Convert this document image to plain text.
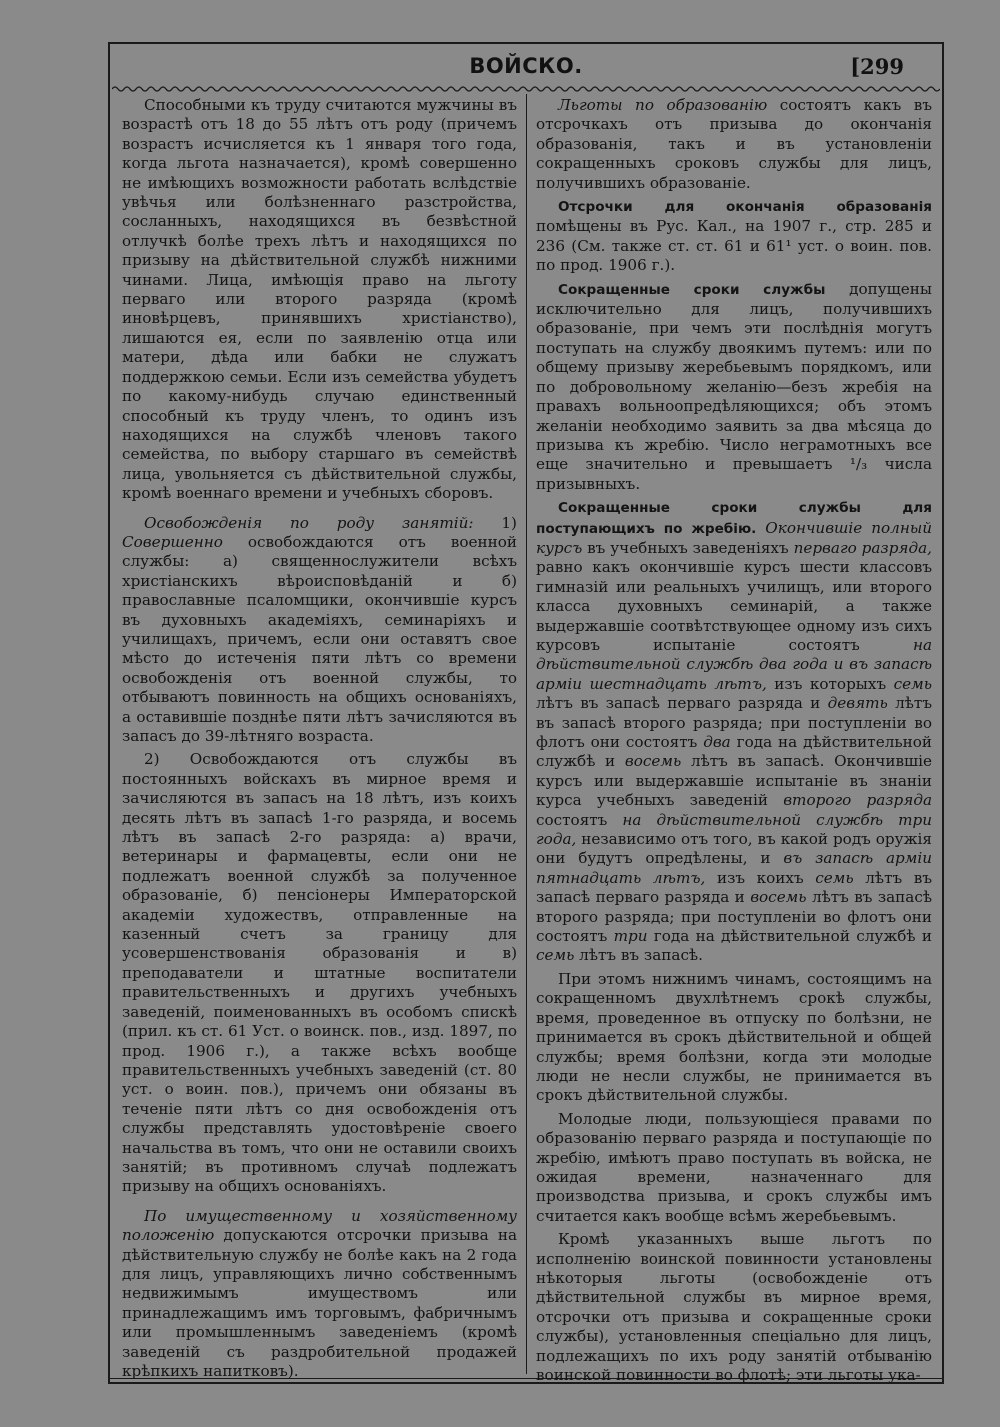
ВОЙСКО.	[299

Способными къ труду считаются мужчины въ возрастѣ отъ 18 до 55 лѣтъ отъ роду (причемъ возрастъ исчисляется къ 1 января того года, когда льгота назначается), кромѣ совершенно не имѣющихъ возможности работать вслѣдствіе увѣчья или болѣзненнаго разстройства, сосланныхъ, находящихся въ безвѣстной отлучкѣ болѣе трехъ лѣтъ и находящихся по призыву на дѣйствительной службѣ нижними чинами. Лица, имѣющія право на льготу перваго или второго разряда (кромѣ иновѣрцевъ, принявшихъ христіанство), лишаются ея, если по заявленію отца или матери, дѣда или бабки не служатъ поддержкою семьи. Если изъ семейства убудетъ по какому-нибудь случаю единственный способный къ труду членъ, то одинъ изъ находящихся на службѣ членовъ такого семейства, по выбору старшаго въ семействѣ лица, увольняется съ дѣйствительной службы, кромѣ военнаго времени и учебныхъ сборовъ.

Освобожденія по роду занятій: 1) Совершенно освобождаются отъ военной службы: а) священнослужители всѣхъ христіанскихъ вѣроисповѣданій и б) православные псаломщики, окончившіе курсъ въ духовныхъ академіяхъ, семинаріяхъ и училищахъ, причемъ, если они оставятъ свое мѣсто до истеченія пяти лѣтъ со времени освобожденія отъ военной службы, то отбываютъ повинность на общихъ основаніяхъ, а оставившіе позднѣе пяти лѣтъ зачисляются въ запасъ до 39-лѣтняго возраста.

2) Освобождаются отъ службы въ постоянныхъ войскахъ въ мирное время и зачисляются въ запасъ на 18 лѣтъ, изъ коихъ десять лѣтъ въ запасѣ 1-го разряда, и восемь лѣтъ въ запасѣ 2-го разряда: а) врачи, ветеринары и фармацевты, если они не подлежатъ военной службѣ за полученное образованіе, б) пенсіонеры Императорской академіи художествъ, отправленные на казенный счетъ за границу для усовершенствованія образованія и в) преподаватели и штатные воспитатели правительственныхъ и другихъ учебныхъ заведеній, поименованныхъ въ особомъ спискѣ (прил. къ ст. 61 Уст. о воинск. пов., изд. 1897, по прод. 1906 г.), а также всѣхъ вообще правительственныхъ учебныхъ заведеній (ст. 80 уст. о воин. пов.), причемъ они обязаны въ теченіе пяти лѣтъ со дня освобожденія отъ службы представлять удостовѣреніе своего начальства въ томъ, что они не оставили своихъ занятій; въ противномъ случаѣ подлежатъ призыву на общихъ основаніяхъ.

По имущественному и хозяйственному положенію допускаются отсрочки призыва на дѣйствительную службу не болѣе какъ на 2 года для лицъ, управляющихъ лично собственнымъ недвижимымъ имуществомъ или принадлежащимъ имъ торговымъ, фабричнымъ или промышленнымъ заведеніемъ (кромѣ заведеній съ раздробительной продажей крѣпкихъ напитковъ).

Льготы по образованію состоятъ какъ въ отсрочкахъ отъ призыва до окончанія образованія, такъ и въ установленіи сокращенныхъ сроковъ службы для лицъ, получившихъ образованіе.

Отсрочки для окончанія образованія помѣщены въ Рус. Кал., на 1907 г., стр. 285 и 236 (См. также ст. ст. 61 и 61¹ уст. о воин. пов. по прод. 1906 г.).

Сокращенные сроки службы допущены исключительно для лицъ, получившихъ образованіе, при чемъ эти послѣднія могутъ поступать на службу двоякимъ путемъ: или по общему призыву жеребьевымъ порядкомъ, или по добровольному желанію—безъ жребія на правахъ вольноопредѣляющихся; объ этомъ желаніи необходимо заявить за два мѣсяца до призыва къ жребію. Число неграмотныхъ все еще значительно и превышаетъ ¹/₃ числа призывныхъ.

Сокращенные сроки службы для поступающихъ по жребію. Окончившіе полный курсъ въ учебныхъ заведеніяхъ перваго разряда, равно какъ окончившіе курсъ шести классовъ гимназій или реальныхъ училищъ, или второго класса духовныхъ семинарій, а также выдержавшіе соотвѣтствующее одному изъ сихъ курсовъ испытаніе состоятъ на дѣйствительной службѣ два года и въ запасѣ арміи шестнадцать лѣтъ, изъ которыхъ семь лѣтъ въ запасѣ перваго разряда и девять лѣтъ въ запасѣ второго разряда; при поступленіи во флотъ они состоятъ два года на дѣйствительной службѣ и восемь лѣтъ въ запасѣ. Окончившіе курсъ или выдержавшіе испытаніе въ знаніи курса учебныхъ заведеній второго разряда состоятъ на дѣйствительной службѣ три года, независимо отъ того, въ какой родъ оружія они будутъ опредѣлены, и въ запасѣ арміи пятнадцать лѣтъ, изъ коихъ семь лѣтъ въ запасѣ перваго разряда и восемь лѣтъ въ запасѣ второго разряда; при поступленіи во флотъ они состоятъ три года на дѣйствительной службѣ и семь лѣтъ въ запасѣ.

При этомъ нижнимъ чинамъ, состоящимъ на сокращенномъ двухлѣтнемъ срокѣ службы, время, проведенное въ отпуску по болѣзни, не принимается въ срокъ дѣйствительной и общей службы; время болѣзни, когда эти молодые люди не несли службы, не принимается въ срокъ дѣйствительной службы.

Молодые люди, пользующіеся правами по образованію перваго разряда и поступающіе по жребію, имѣютъ право поступать въ войска, не ожидая времени, назначеннаго для производства призыва, и срокъ службы имъ считается какъ вообще всѣмъ жеребьевымъ.

Кромѣ указанныхъ выше льготъ по исполненію воинской повинности установлены нѣкоторыя льготы (освобожденіе отъ дѣйствительной службы въ мирное время, отсрочки отъ призыва и сокращенные сроки службы), установленныя спеціально для лицъ, подлежащихъ по ихъ роду занятій отбыванію воинской повинности во флотѣ; эти льготы ука-
